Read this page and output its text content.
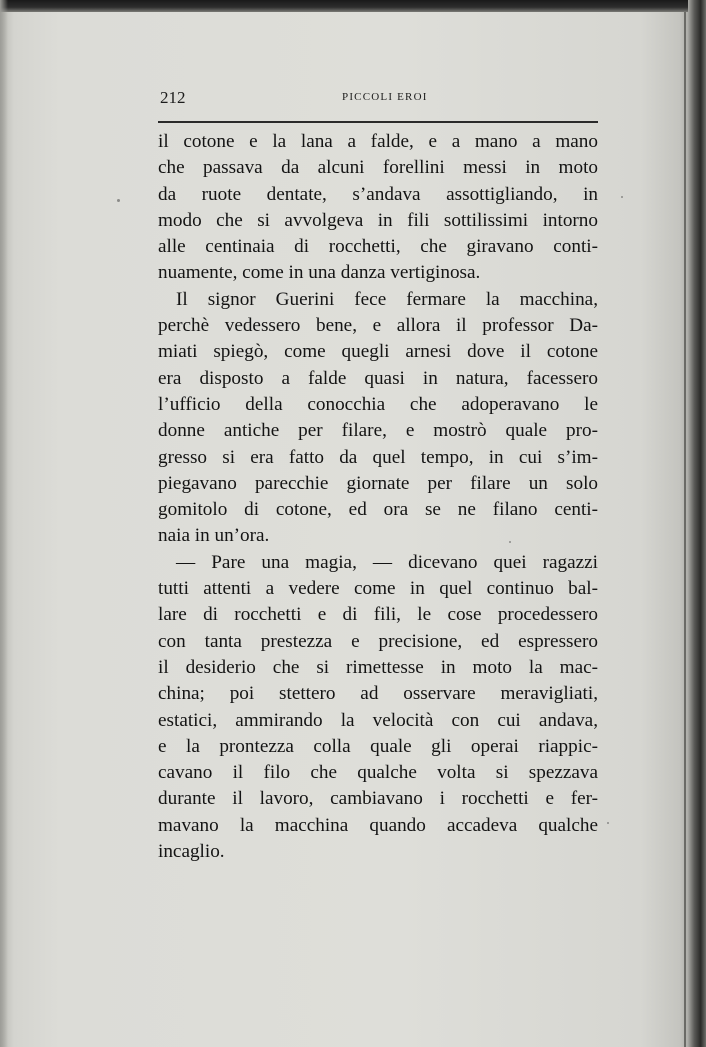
212	PICCOLI EROI
il cotone e la lana a falde, e a mano a mano
che passava da alcuni forellini messi in moto
da ruote dentate, s’andava assottigliando, in
modo che si avvolgeva in fili sottilissimi intorno
alle centinaia di rocchetti, che giravano conti-
nuamente, come in una danza vertiginosa.
Il signor Guerini fece fermare la macchina,
perchè vedessero bene, e allora il professor Da-
miati spiegò, come quegli arnesi dove il cotone
era disposto a falde quasi in natura, facessero
l’ufficio della conocchia che adoperavano le
donne antiche per filare, e mostrò quale pro-
gresso si era fatto da quel tempo, in cui s’im-
piegavano parecchie giornate per filare un solo
gomitolo di cotone, ed ora se ne filano centi-
naia in un’ora.
— Pare una magia, — dicevano quei ragazzi
tutti attenti a vedere come in quel continuo bal-
lare di rocchetti e di fili, le cose procedessero
con tanta prestezza e precisione, ed espressero
il desiderio che si rimettesse in moto la mac-
china; poi stettero ad osservare meravigliati,
estatici, ammirando la velocità con cui andava,
e la prontezza colla quale gli operai riappic-
cavano il filo che qualche volta si spezzava
durante il lavoro, cambiavano i rocchetti e fer-
mavano la macchina quando accadeva qualche
incaglio.
